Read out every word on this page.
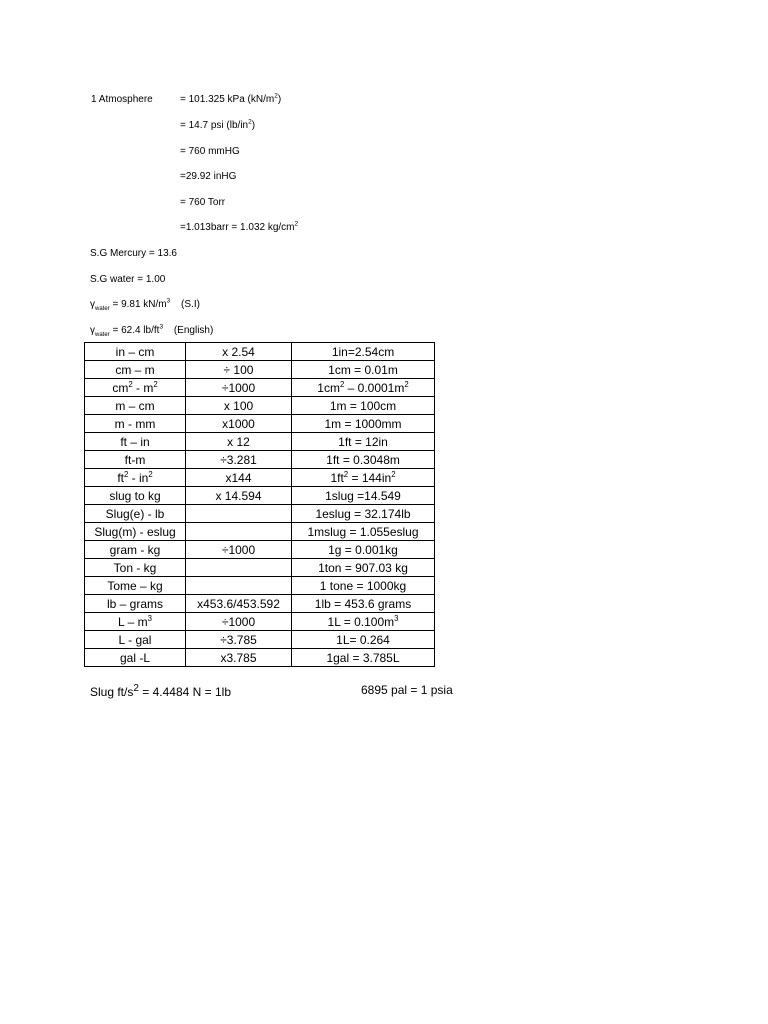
1 Atmosphere	= 101.325 kPa $(kN/m^2)$
= 14.7 psi $(lb/in^2)$
= 760 mmHG
=29.92 inHG
= 760 Torr
=1.013barr = 1.032 $kg/cm^2$
S.G Mercury = 13.6
S.G water = 1.00
$\gamma_{water} = 9.81$ $kN/m^3$ (S.I)
$\gamma_{water} = 62.4$ $lb/ft^3$ (English)
in – cm	x 2.54	1in=2.54cm
cm – m	÷ 100	1cm = 0.01m
$cm^2 - m^2$	÷1000	$1cm^2 - 0.0001m^2$
m – cm	x 100	1m = 100cm
m - mm	x1000	1m = 1000mm
ft – in	x 12	1ft = 12in
ft-m	÷3.281	1ft = 0.3048m
$ft^2 - in^2$	x144	$1ft^2 = 144in^2$
slug to kg	x 14.594	1slug =14.549
Slug(e) - lb		1eslug = 32.174lb
Slug(m) - eslug		1mslug = 1.055eslug
gram - kg	÷1000	1g = 0.001kg
Ton - kg		1ton = 907.03 kg
Tome – kg		1 tone = 1000kg
lb – grams	x453.6/453.592	1lb = 453.6 grams
L – $m^3$	÷1000	$1L = 0.100m^3$
L - gal	÷3.785	1L= 0.264
gal -L	x3.785	1gal = 3.785L
Slug $ft/s^2 = 4.4484$ N = 1lb	6895 pal = 1 psia
